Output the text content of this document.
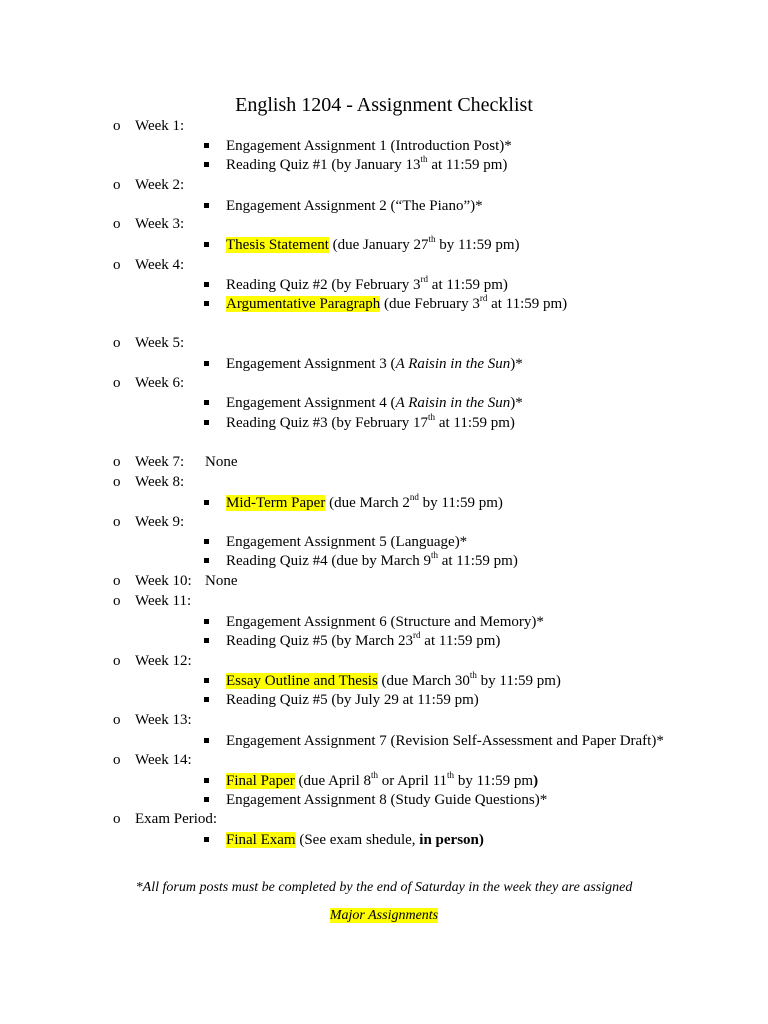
English 1204 - Assignment Checklist
o Week 1:
Engagement Assignment 1 (Introduction Post)*
Reading Quiz #1 (by January 13th at 11:59 pm)
o Week 2:
Engagement Assignment 2 (“The Piano”)*
o Week 3:
Thesis Statement (due January 27th by 11:59 pm)
o Week 4:
Reading Quiz #2 (by February 3rd at 11:59 pm)
Argumentative Paragraph (due February 3rd at 11:59 pm)
o Week 5:
Engagement Assignment 3 (A Raisin in the Sun)*
o Week 6:
Engagement Assignment 4 (A Raisin in the Sun)*
Reading Quiz #3 (by February 17th at 11:59 pm)
o Week 7: None
o Week 8:
Mid-Term Paper (due March 2nd by 11:59 pm)
o Week 9:
Engagement Assignment 5 (Language)*
Reading Quiz #4 (due by March 9th at 11:59 pm)
o Week 10: None
o Week 11:
Engagement Assignment 6 (Structure and Memory)*
Reading Quiz #5 (by March 23rd at 11:59 pm)
o Week 12:
Essay Outline and Thesis (due March 30th by 11:59 pm)
Reading Quiz #5 (by July 29 at 11:59 pm)
o Week 13:
Engagement Assignment 7 (Revision Self-Assessment and Paper Draft)*
o Week 14:
Final Paper (due April 8th or April 11th by 11:59 pm)
Engagement Assignment 8 (Study Guide Questions)*
o Exam Period:
Final Exam (See exam shedule, in person)
*All forum posts must be completed by the end of Saturday in the week they are assigned
Major Assignments
